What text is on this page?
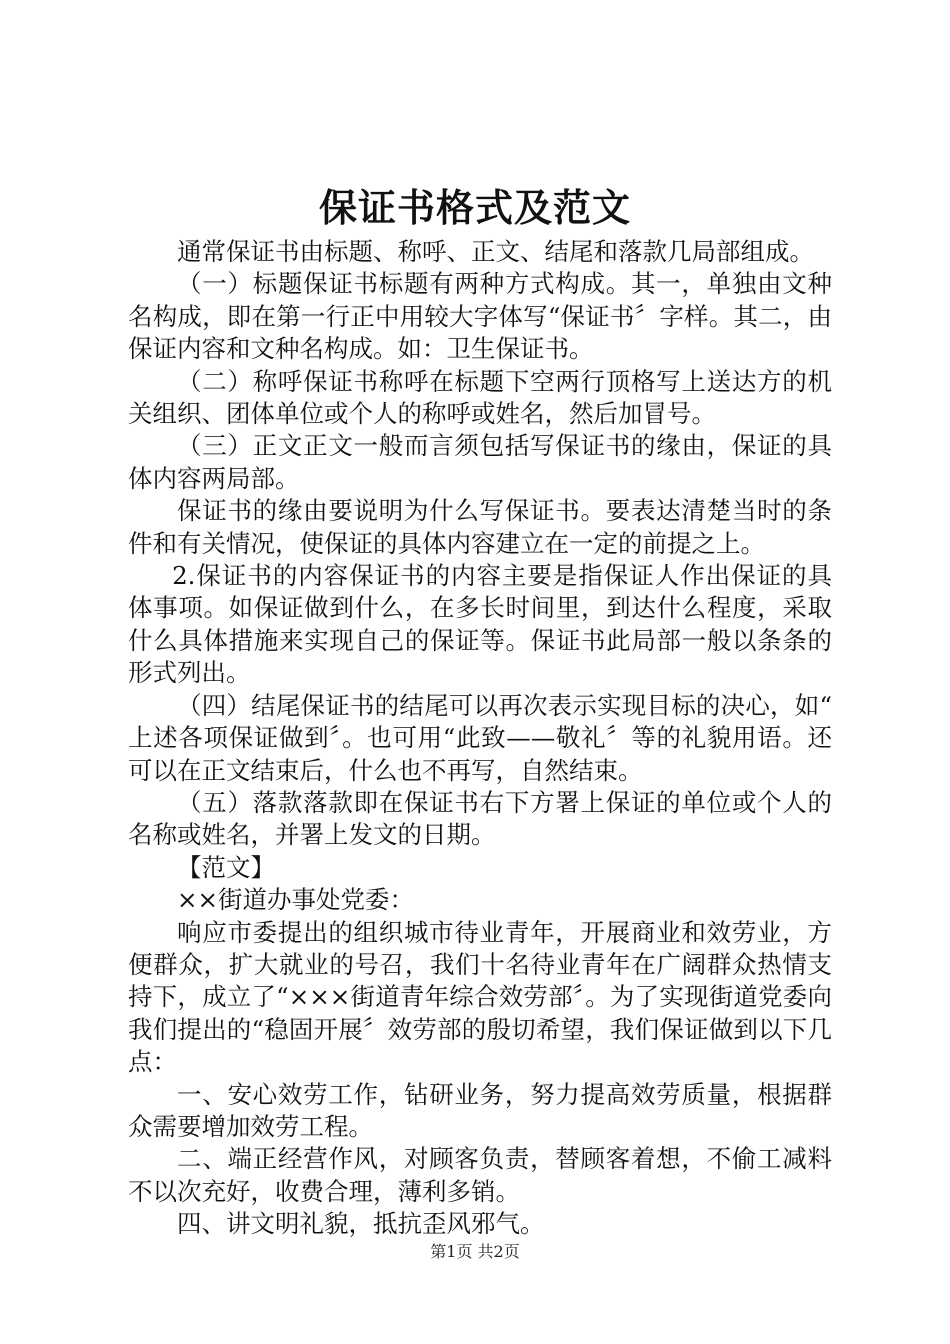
保证书格式及范文

通常保证书由标题、称呼、正文、结尾和落款几局部组成。

（一）标题保证书标题有两种方式构成。其一，单独由文种名构成，即在第一行正中用较大字体写“保证书〞字样。其二，由保证内容和文种名构成。如：卫生保证书。

（二）称呼保证书称呼在标题下空两行顶格写上送达方的机关组织、团体单位或个人的称呼或姓名，然后加冒号。

（三）正文正文一般而言须包括写保证书的缘由，保证的具体内容两局部。

保证书的缘由要说明为什么写保证书。要表达清楚当时的条件和有关情况，使保证的具体内容建立在一定的前提之上。

2.保证书的内容保证书的内容主要是指保证人作出保证的具体事项。如保证做到什么，在多长时间里，到达什么程度，采取什么具体措施来实现自己的保证等。保证书此局部一般以条条的形式列出。

（四）结尾保证书的结尾可以再次表示实现目标的决心，如“上述各项保证做到〞。也可用“此致——敬礼〞等的礼貌用语。还可以在正文结束后，什么也不再写，自然结束。

（五）落款落款即在保证书右下方署上保证的单位或个人的名称或姓名，并署上发文的日期。

【范文】

××街道办事处党委：

响应市委提出的组织城市待业青年，开展商业和效劳业，方便群众，扩大就业的号召，我们十名待业青年在广阔群众热情支持下，成立了“×××街道青年综合效劳部〞。为了实现街道党委向我们提出的“稳固开展〞效劳部的殷切希望，我们保证做到以下几点：

一、安心效劳工作，钻研业务，努力提高效劳质量，根据群众需要增加效劳工程。

二、端正经营作风，对顾客负责，替顾客着想，不偷工减料不以次充好，收费合理，薄利多销。

四、讲文明礼貌，抵抗歪风邪气。

第1页 共2页
